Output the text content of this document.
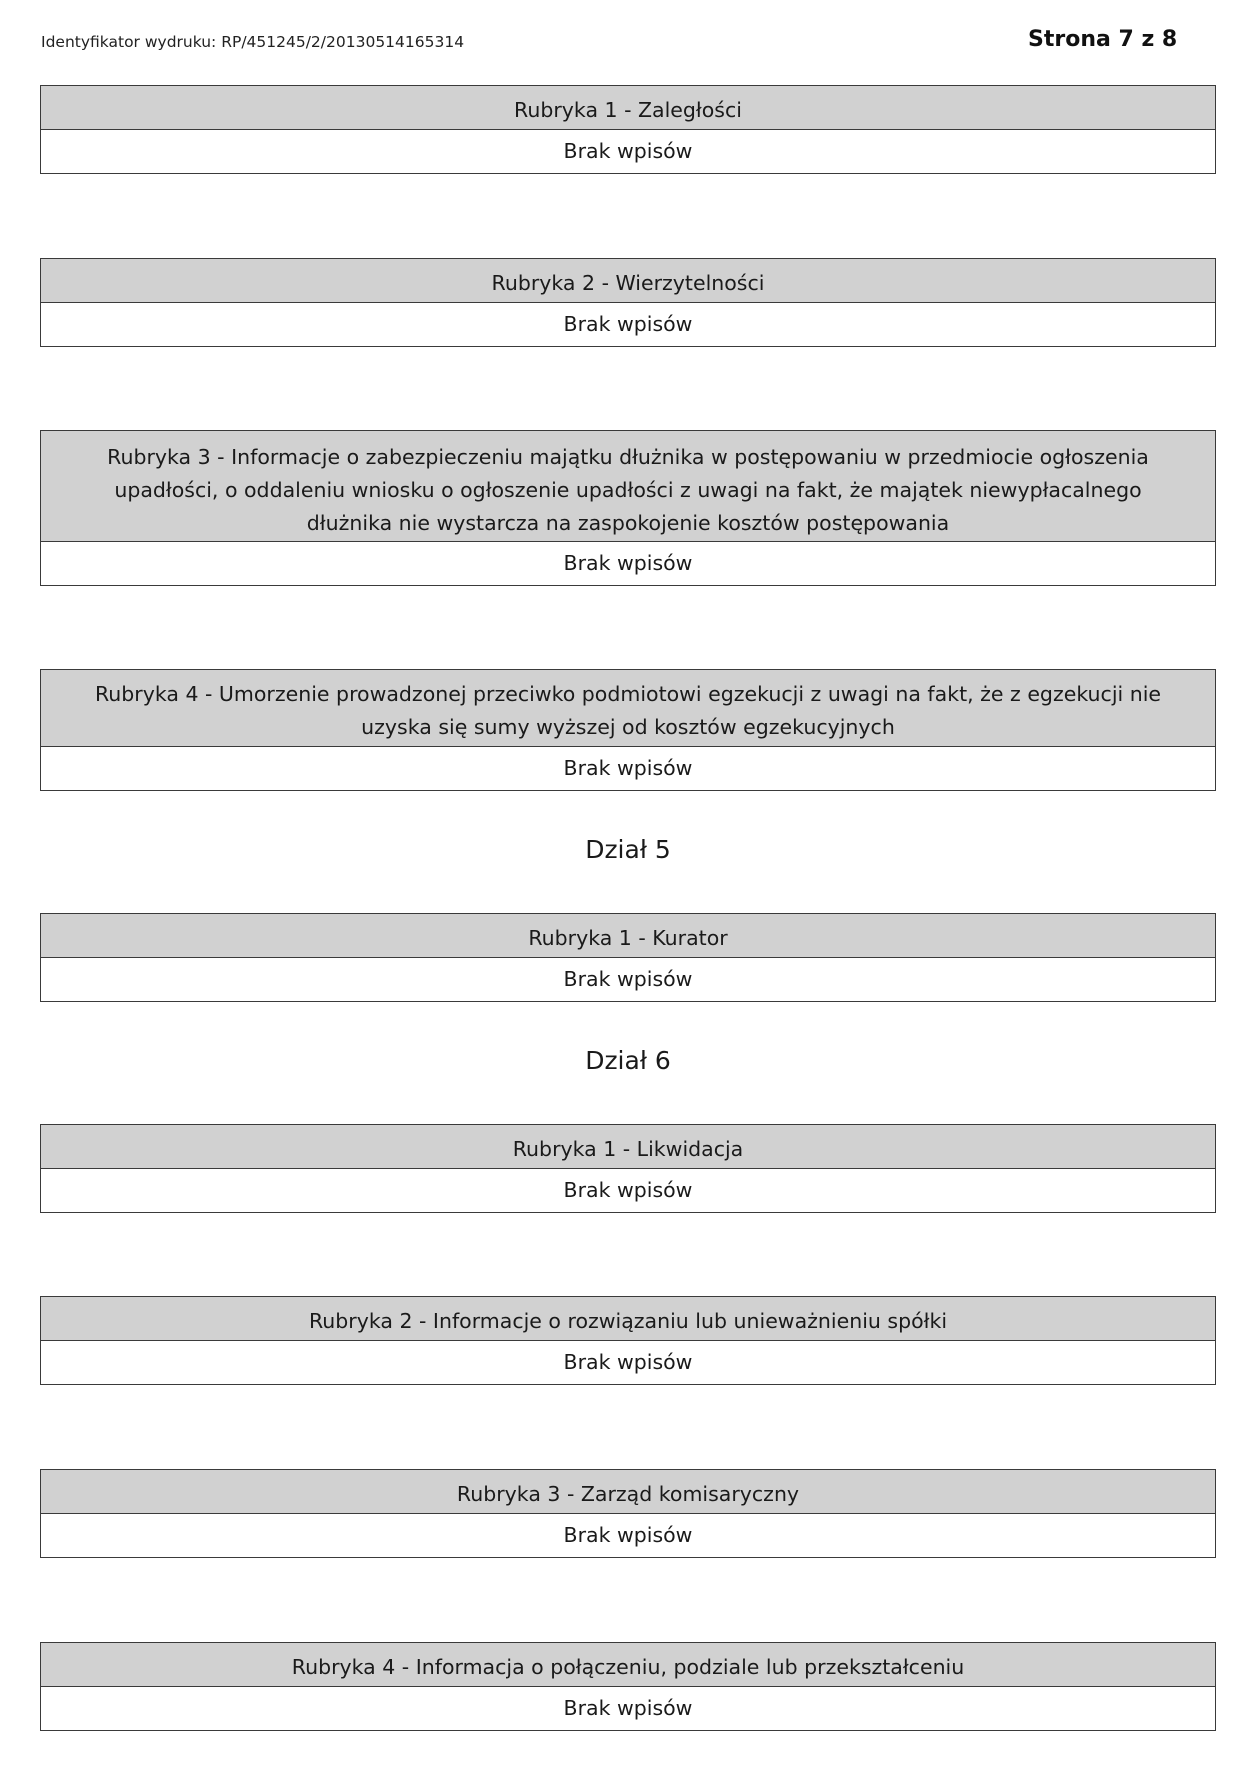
Identyfikator wydruku: RP/451245/2/20130514165314	Strona 7 z 8
Rubryka 1 - Zaległości
Brak wpisów
Rubryka 2 - Wierzytelności
Brak wpisów
Rubryka 3 - Informacje o zabezpieczeniu majątku dłużnika w postępowaniu w przedmiocie ogłoszenia upadłości, o oddaleniu wniosku o ogłoszenie upadłości z uwagi na fakt, że majątek niewypłacalnego dłużnika nie wystarcza na zaspokojenie kosztów postępowania
Brak wpisów
Rubryka 4 - Umorzenie prowadzonej przeciwko podmiotowi egzekucji z uwagi na fakt, że z egzekucji nie uzyska się sumy wyższej od kosztów egzekucyjnych
Brak wpisów
Dział 5
Rubryka 1 - Kurator
Brak wpisów
Dział 6
Rubryka 1 - Likwidacja
Brak wpisów
Rubryka 2 - Informacje o rozwiązaniu lub unieważnieniu spółki
Brak wpisów
Rubryka 3 - Zarząd komisaryczny
Brak wpisów
Rubryka 4 - Informacja o połączeniu, podziale lub przekształceniu
Brak wpisów
